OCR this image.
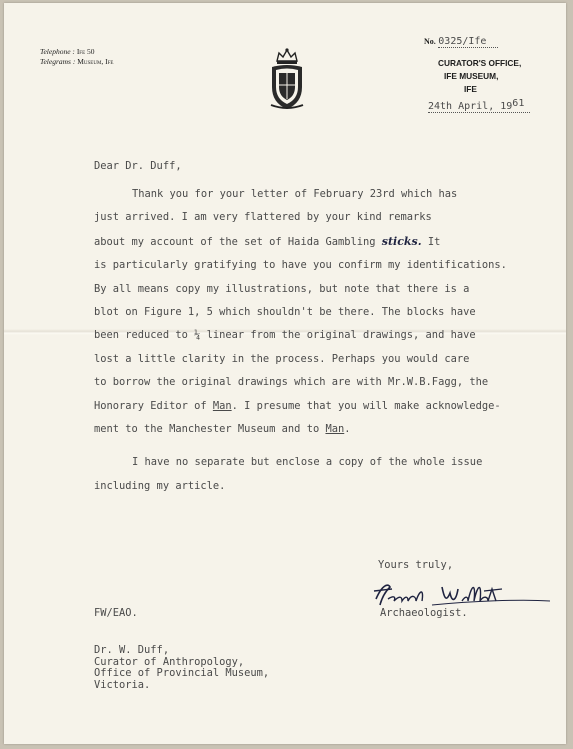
Telephone : Ife 50
Telegrams : Museum, Ife
No. 0325/Ife
CURATOR'S OFFICE,
IFE MUSEUM,
IFE
24th April, 1961
Dear Dr. Duff,

Thank you for your letter of February 23rd which has

just arrived. I am very flattered by your kind remarks

about my account of the set of Haida Gambling sticks. It

is particularly gratifying to have you confirm my identifications.

By all means copy my illustrations, but note that there is a

blot on Figure 1, 5 which shouldn't be there. The blocks have

been reduced to ¼ linear from the original drawings, and have

lost a little clarity in the process. Perhaps you would care

to borrow the original drawings which are with Mr.W.B.Fagg, the

Honorary Editor of Man. I presume that you will make acknowledge-

ment to the Manchester Museum and to Man.

I have no separate but enclose a copy of the whole issue

including my article.

Yours truly,
Archaeologist.
FW/EAO.
Dr. W. Duff,
Curator of Anthropology,
Office of Provincial Museum,
Victoria.
